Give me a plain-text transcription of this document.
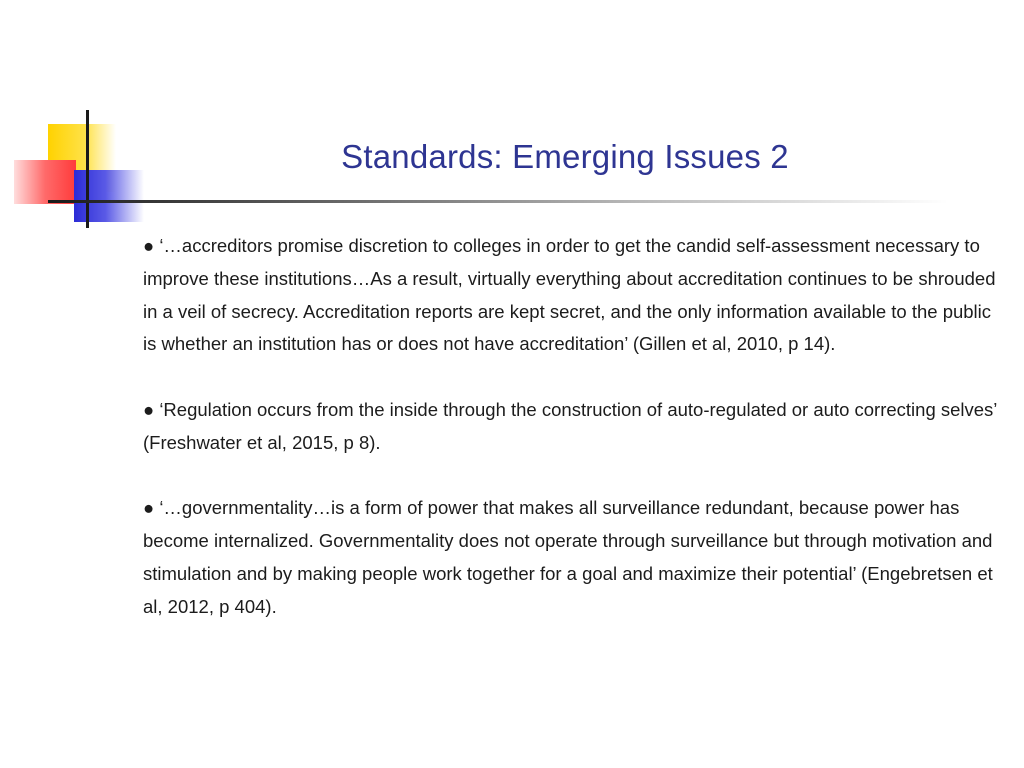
Standards: Emerging Issues 2

● ‘…accreditors promise discretion to colleges in order to get the candid self-assessment necessary to improve these institutions…As a result, virtually everything about accreditation continues to be shrouded in a veil of secrecy. Accreditation reports are kept secret, and the only information available to the public is whether an institution has or does not have accreditation’ (Gillen et al, 2010, p 14).

● ‘Regulation occurs from the inside through the construction of auto-regulated or auto correcting selves’ (Freshwater et al, 2015, p 8).

● ‘…governmentality…is a form of power that makes all surveillance redundant, because power has become internalized. Governmentality does not operate through surveillance but through motivation and stimulation and by making people work together for a goal and maximize their potential’ (Engebretsen et al, 2012, p 404).
